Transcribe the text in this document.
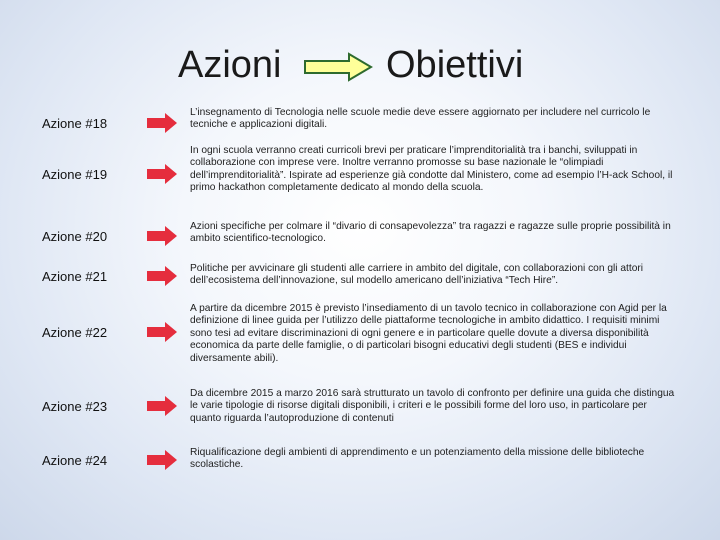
Azioni	Obiettivi
Azione #18
L’insegnamento di Tecnologia nelle scuole medie deve essere aggiornato per includere nel curricolo le tecniche e applicazioni digitali.
Azione #19
In ogni scuola verranno creati curricoli brevi per praticare l’imprenditorialità tra i banchi, sviluppati in collaborazione con imprese vere. Inoltre verranno promosse su base nazionale le “olimpiadi dell’imprenditorialità”. Ispirate ad esperienze già condotte dal Ministero, come ad esempio l’H-ack School, il primo hackathon completamente dedicato al mondo della scuola.
Azione #20
Azioni specifiche per colmare il “divario di consapevolezza” tra ragazzi e ragazze sulle proprie possibilità in ambito scientifico-tecnologico.
Azione #21
Politiche per avvicinare gli studenti alle carriere in ambito del digitale, con collaborazioni con gli attori dell’ecosistema dell’innovazione, sul modello americano dell’iniziativa “Tech Hire”.
Azione #22
A partire da dicembre 2015 è previsto l’insediamento di un tavolo tecnico in collaborazione con Agid per la definizione di linee guida per l’utilizzo delle piattaforme tecnologiche in ambito didattico. I requisiti minimi sono tesi ad evitare discriminazioni di ogni genere e in particolare quelle dovute a diversa disponibilità economica da parte delle famiglie, o di particolari bisogni educativi degli studenti (BES e individui diversamente abili).
Azione #23
Da dicembre 2015 a marzo 2016 sarà strutturato un tavolo di confronto per definire una guida che distingua le varie tipologie di risorse digitali disponibili, i criteri e le possibili forme del loro uso, in particolare per quanto riguarda l’autoproduzione di contenuti
Azione #24
Riqualificazione degli ambienti di apprendimento e un potenziamento della missione delle biblioteche scolastiche.
